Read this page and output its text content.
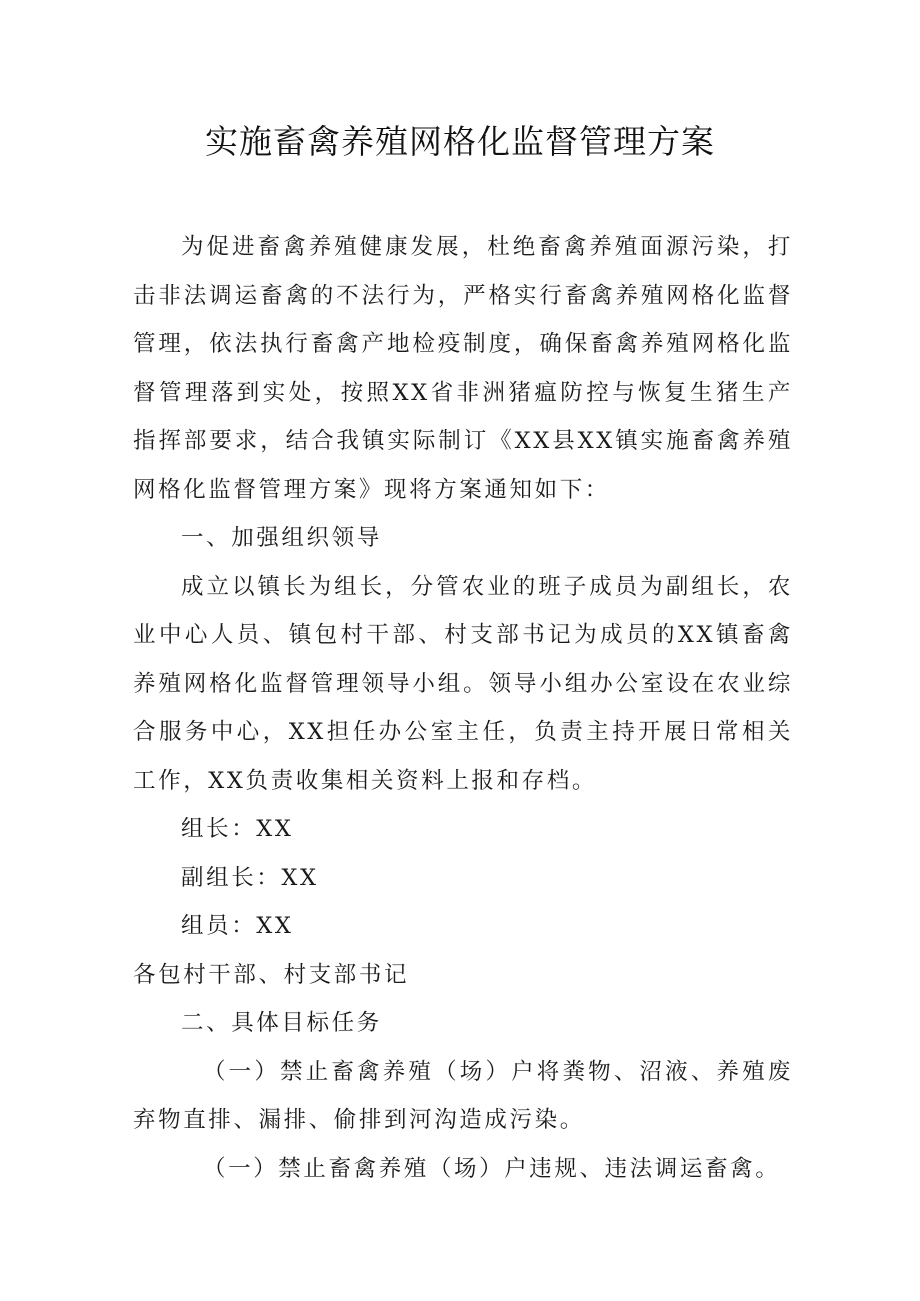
实施畜禽养殖网格化监督管理方案

为促进畜禽养殖健康发展，杜绝畜禽养殖面源污染，打击非法调运畜禽的不法行为，严格实行畜禽养殖网格化监督管理，依法执行畜禽产地检疫制度，确保畜禽养殖网格化监督管理落到实处，按照XX省非洲猪瘟防控与恢复生猪生产指挥部要求，结合我镇实际制订《XX县XX镇实施畜禽养殖网格化监督管理方案》现将方案通知如下：

一、加强组织领导

成立以镇长为组长，分管农业的班子成员为副组长，农业中心人员、镇包村干部、村支部书记为成员的XX镇畜禽养殖网格化监督管理领导小组。领导小组办公室设在农业综合服务中心，XX担任办公室主任，负责主持开展日常相关工作，XX负责收集相关资料上报和存档。

组长：XX

副组长：XX

组员：XX

各包村干部、村支部书记

二、具体目标任务

（一）禁止畜禽养殖（场）户将粪物、沼液、养殖废弃物直排、漏排、偷排到河沟造成污染。

（一）禁止畜禽养殖（场）户违规、违法调运畜禽。
